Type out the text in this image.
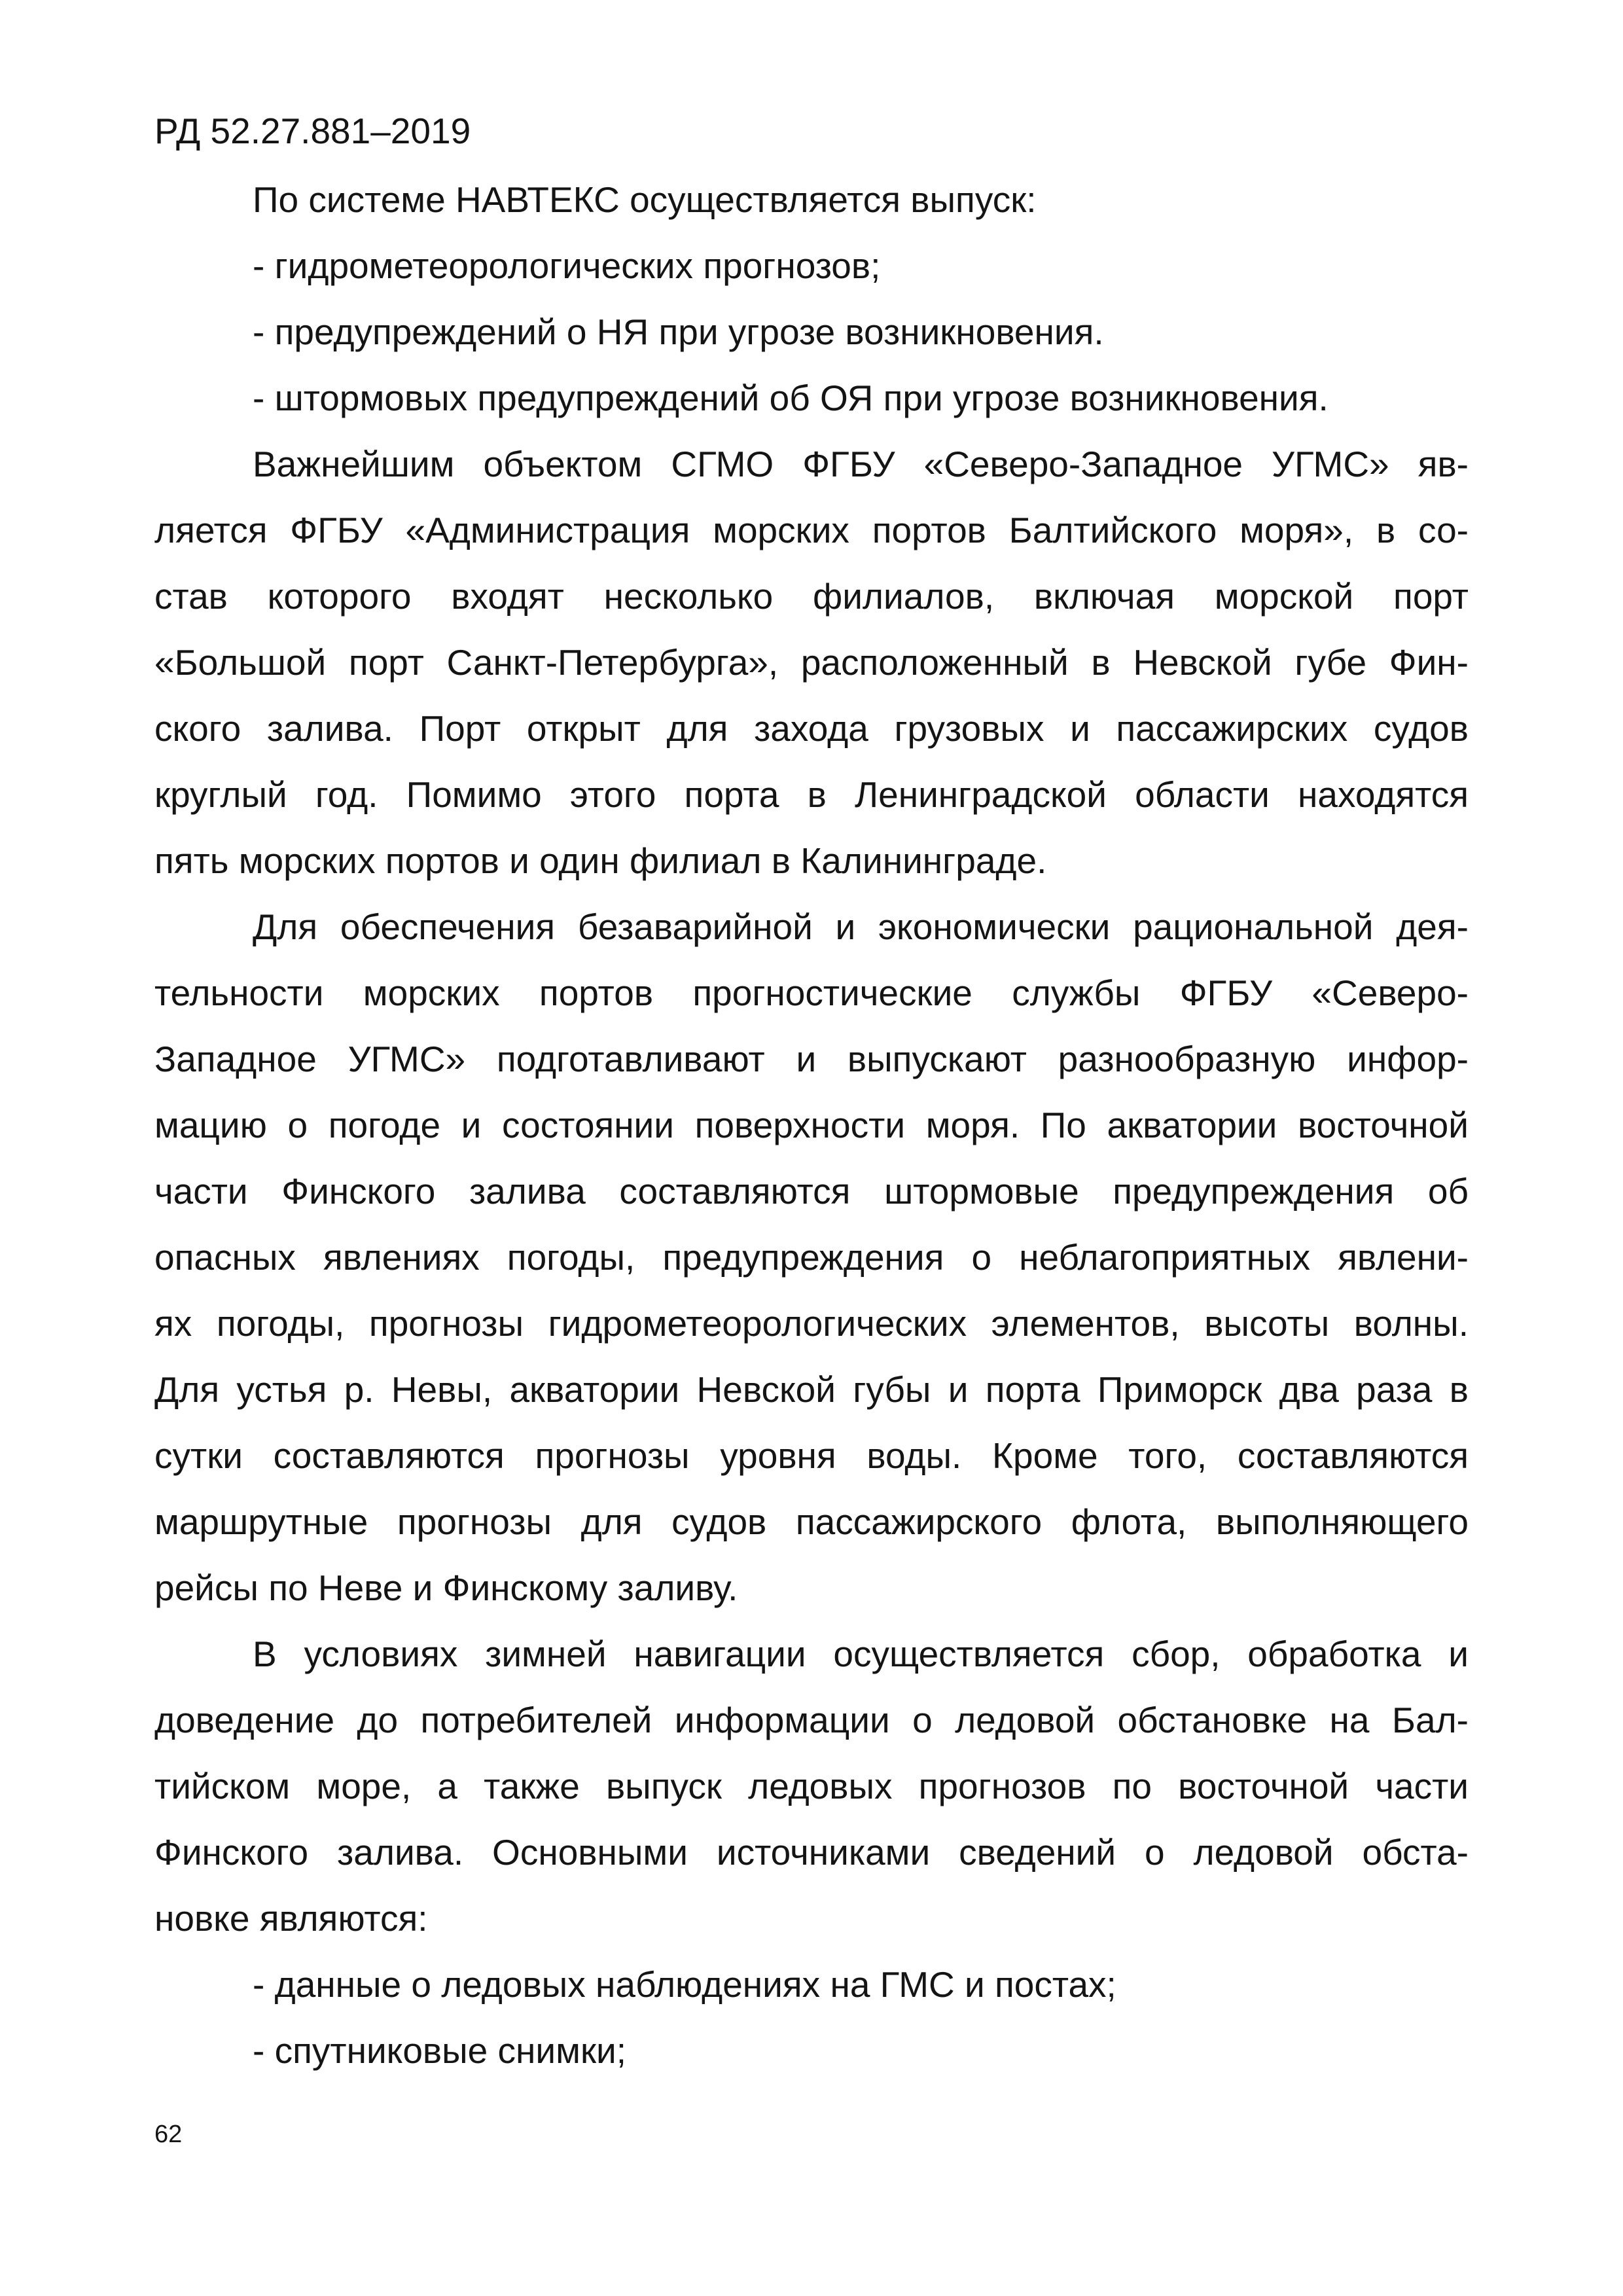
РД 52.27.881–2019
По системе НАВТЕКС осуществляется выпуск:
- гидрометеорологических прогнозов;
- предупреждений о НЯ при угрозе возникновения.
- штормовых предупреждений об ОЯ при угрозе возникновения.
Важнейшим объектом СГМО ФГБУ «Северо-Западное УГМС» яв-
ляется ФГБУ «Администрация морских портов Балтийского моря», в со-
став которого входят несколько филиалов, включая морской порт
«Большой порт Санкт-Петербурга», расположенный в Невской губе Фин-
ского залива. Порт открыт для захода грузовых и пассажирских судов
круглый год. Помимо этого порта в Ленинградской области находятся
пять морских портов и один филиал в Калининграде.
Для обеспечения безаварийной и экономически рациональной дея-
тельности морских портов прогностические службы ФГБУ «Северо-
Западное УГМС» подготавливают и выпускают разнообразную инфор-
мацию о погоде и состоянии поверхности моря. По акватории восточной
части Финского залива составляются штормовые предупреждения об
опасных явлениях погоды, предупреждения о неблагоприятных явлени-
ях погоды, прогнозы гидрометеорологических элементов, высоты волны.
Для устья р. Невы, акватории Невской губы и порта Приморск два раза в
сутки составляются прогнозы уровня воды. Кроме того, составляются
маршрутные прогнозы для судов пассажирского флота, выполняющего
рейсы по Неве и Финскому заливу.
В условиях зимней навигации осуществляется сбор, обработка и
доведение до потребителей информации о ледовой обстановке на Бал-
тийском море, а также выпуск ледовых прогнозов по восточной части
Финского залива. Основными источниками сведений о ледовой обста-
новке являются:
- данные о ледовых наблюдениях на ГМС и постах;
- спутниковые снимки;
62
